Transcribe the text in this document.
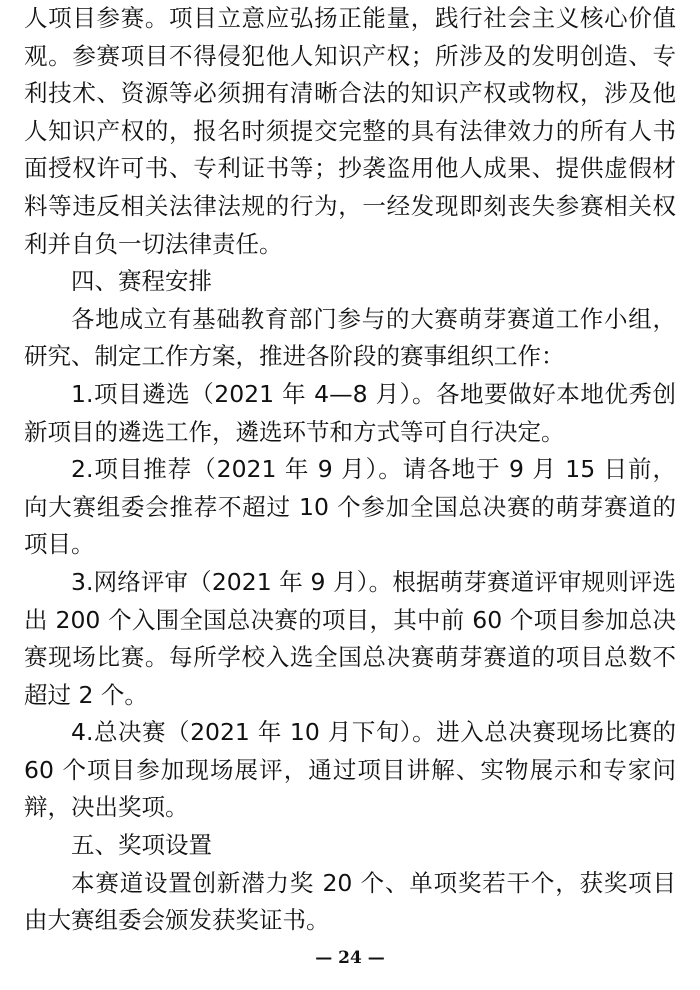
人项目参赛。项目立意应弘扬正能量，践行社会主义核心价值观。参赛项目不得侵犯他人知识产权；所涉及的发明创造、专利技术、资源等必须拥有清晰合法的知识产权或物权，涉及他人知识产权的，报名时须提交完整的具有法律效力的所有人书面授权许可书、专利证书等；抄袭盗用他人成果、提供虚假材料等违反相关法律法规的行为，一经发现即刻丧失参赛相关权利并自负一切法律责任。

四、赛程安排

各地成立有基础教育部门参与的大赛萌芽赛道工作小组，研究、制定工作方案，推进各阶段的赛事组织工作：

1.项目遴选（2021 年 4—8 月）。各地要做好本地优秀创新项目的遴选工作，遴选环节和方式等可自行决定。

2.项目推荐（2021 年 9 月）。请各地于 9 月 15 日前，向大赛组委会推荐不超过 10 个参加全国总决赛的萌芽赛道的项目。

3.网络评审（2021 年 9 月）。根据萌芽赛道评审规则评选出 200 个入围全国总决赛的项目，其中前 60 个项目参加总决赛现场比赛。每所学校入选全国总决赛萌芽赛道的项目总数不超过 2 个。

4.总决赛（2021 年 10 月下旬）。进入总决赛现场比赛的 60 个项目参加现场展评，通过项目讲解、实物展示和专家问辩，决出奖项。

五、奖项设置

本赛道设置创新潜力奖 20 个、单项奖若干个，获奖项目由大赛组委会颁发获奖证书。

— 24 —
